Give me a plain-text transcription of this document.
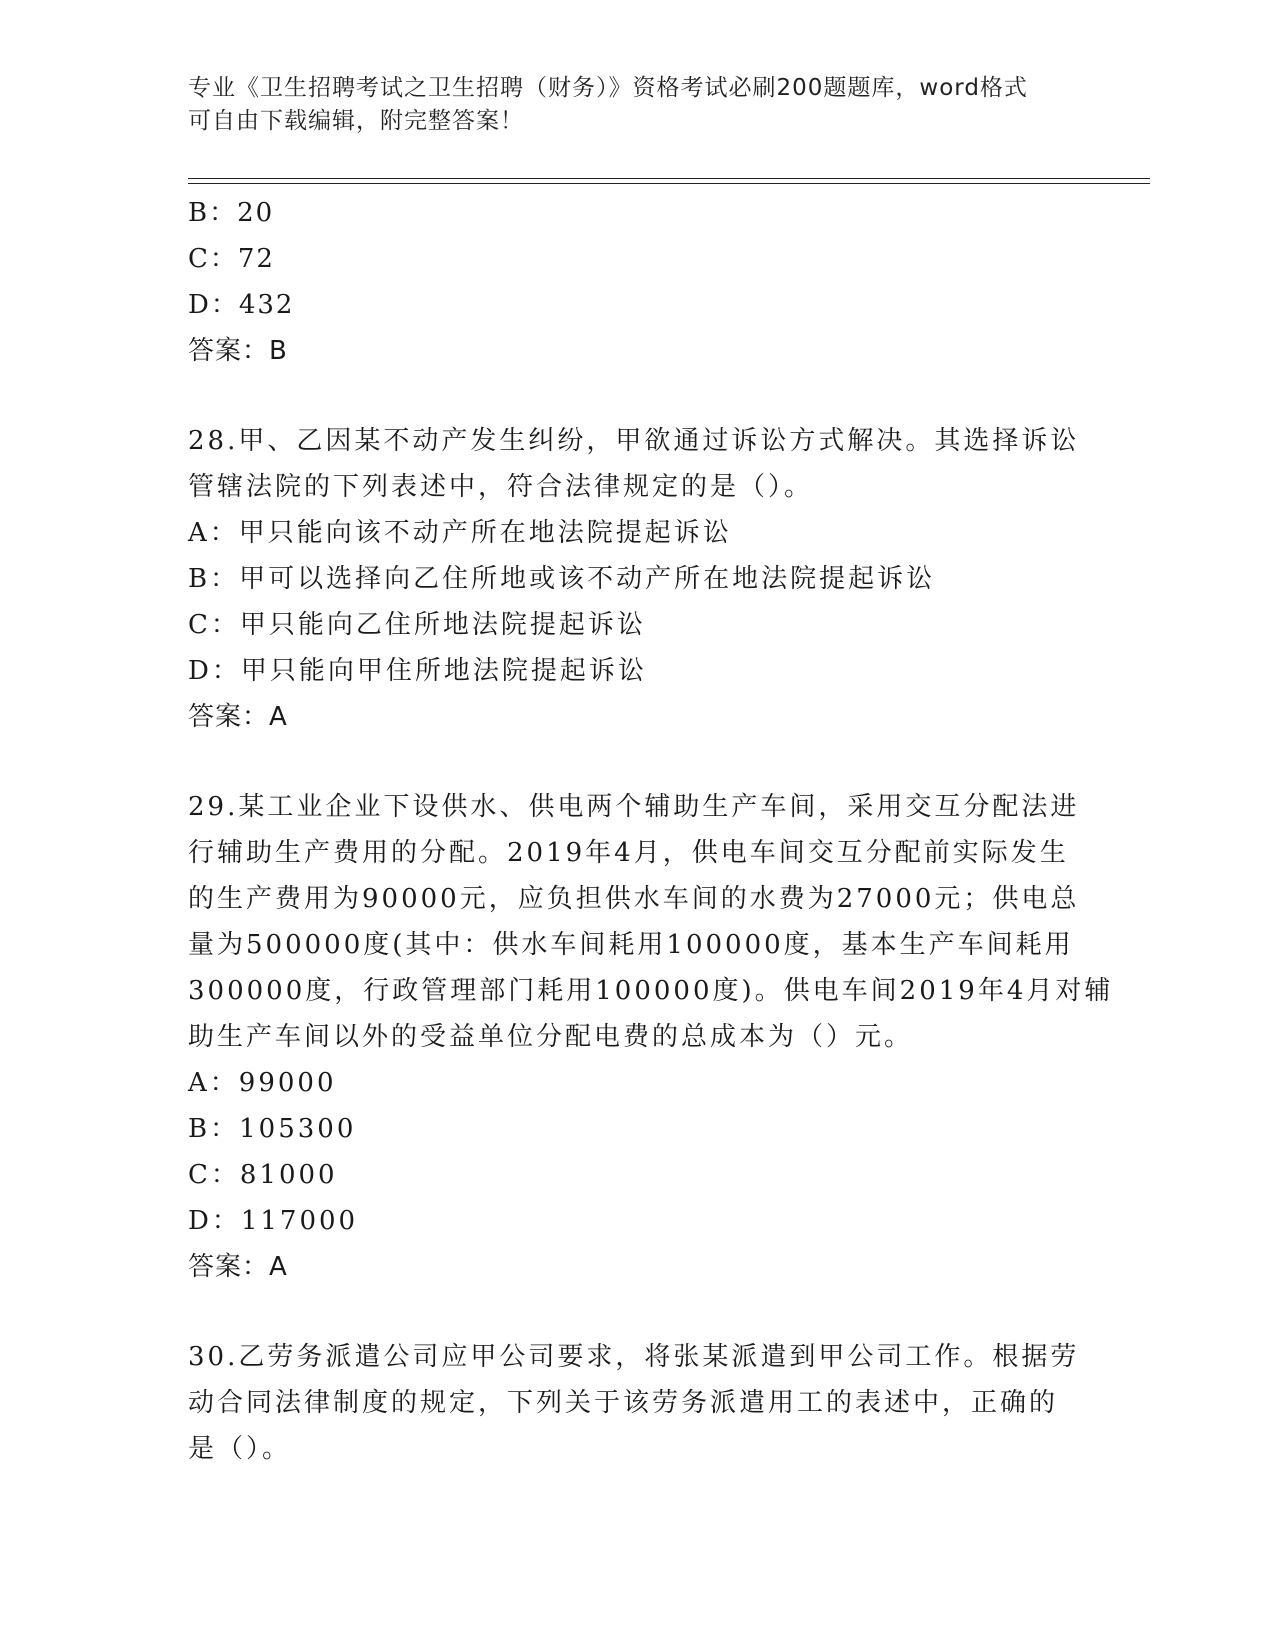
专业《卫生招聘考试之卫生招聘（财务）》资格考试必刷200题题库，word格式
可自由下载编辑，附完整答案！
B：20
C：72
D：432
答案：B
28.甲、乙因某不动产发生纠纷，甲欲通过诉讼方式解决。其选择诉讼
管辖法院的下列表述中，符合法律规定的是（）。
A：甲只能向该不动产所在地法院提起诉讼
B：甲可以选择向乙住所地或该不动产所在地法院提起诉讼
C：甲只能向乙住所地法院提起诉讼
D：甲只能向甲住所地法院提起诉讼
答案：A
29.某工业企业下设供水、供电两个辅助生产车间，采用交互分配法进
行辅助生产费用的分配。2019年4月，供电车间交互分配前实际发生
的生产费用为90000元，应负担供水车间的水费为27000元；供电总
量为500000度(其中：供水车间耗用100000度，基本生产车间耗用
300000度，行政管理部门耗用100000度)。供电车间2019年4月对辅
助生产车间以外的受益单位分配电费的总成本为（）元。
A：99000
B：105300
C：81000
D：117000
答案：A
30.乙劳务派遣公司应甲公司要求，将张某派遣到甲公司工作。根据劳
动合同法律制度的规定，下列关于该劳务派遣用工的表述中，正确的
是（）。
